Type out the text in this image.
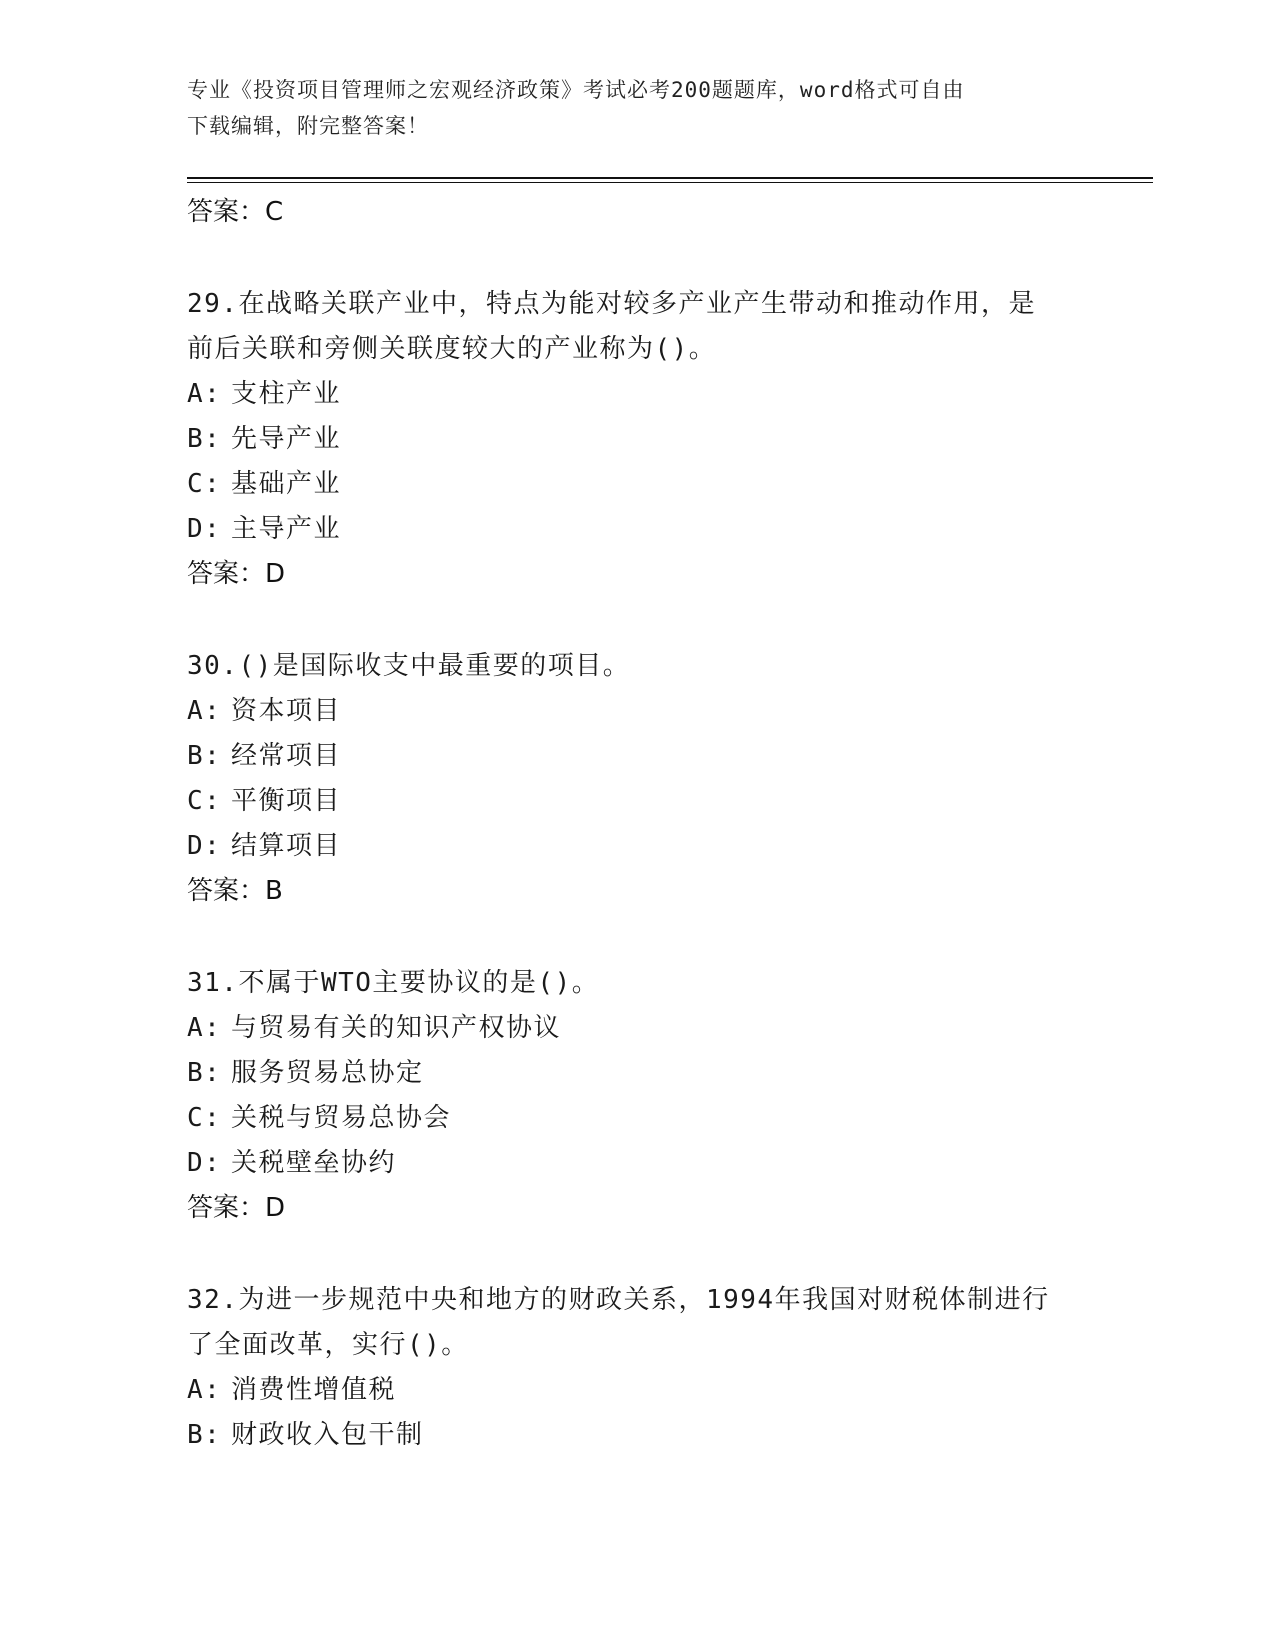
专业《投资项目管理师之宏观经济政策》考试必考200题题库，word格式可自由
下载编辑，附完整答案！
答案：C
29.在战略关联产业中，特点为能对较多产业产生带动和推动作用，是
前后关联和旁侧关联度较大的产业称为()。
A: 支柱产业
B: 先导产业
C: 基础产业
D: 主导产业
答案：D
30.()是国际收支中最重要的项目。
A: 资本项目
B: 经常项目
C: 平衡项目
D: 结算项目
答案：B
31.不属于WTO主要协议的是()。
A: 与贸易有关的知识产权协议
B: 服务贸易总协定
C: 关税与贸易总协会
D: 关税壁垒协约
答案：D
32.为进一步规范中央和地方的财政关系，1994年我国对财税体制进行
了全面改革，实行()。
A: 消费性增值税
B: 财政收入包干制
